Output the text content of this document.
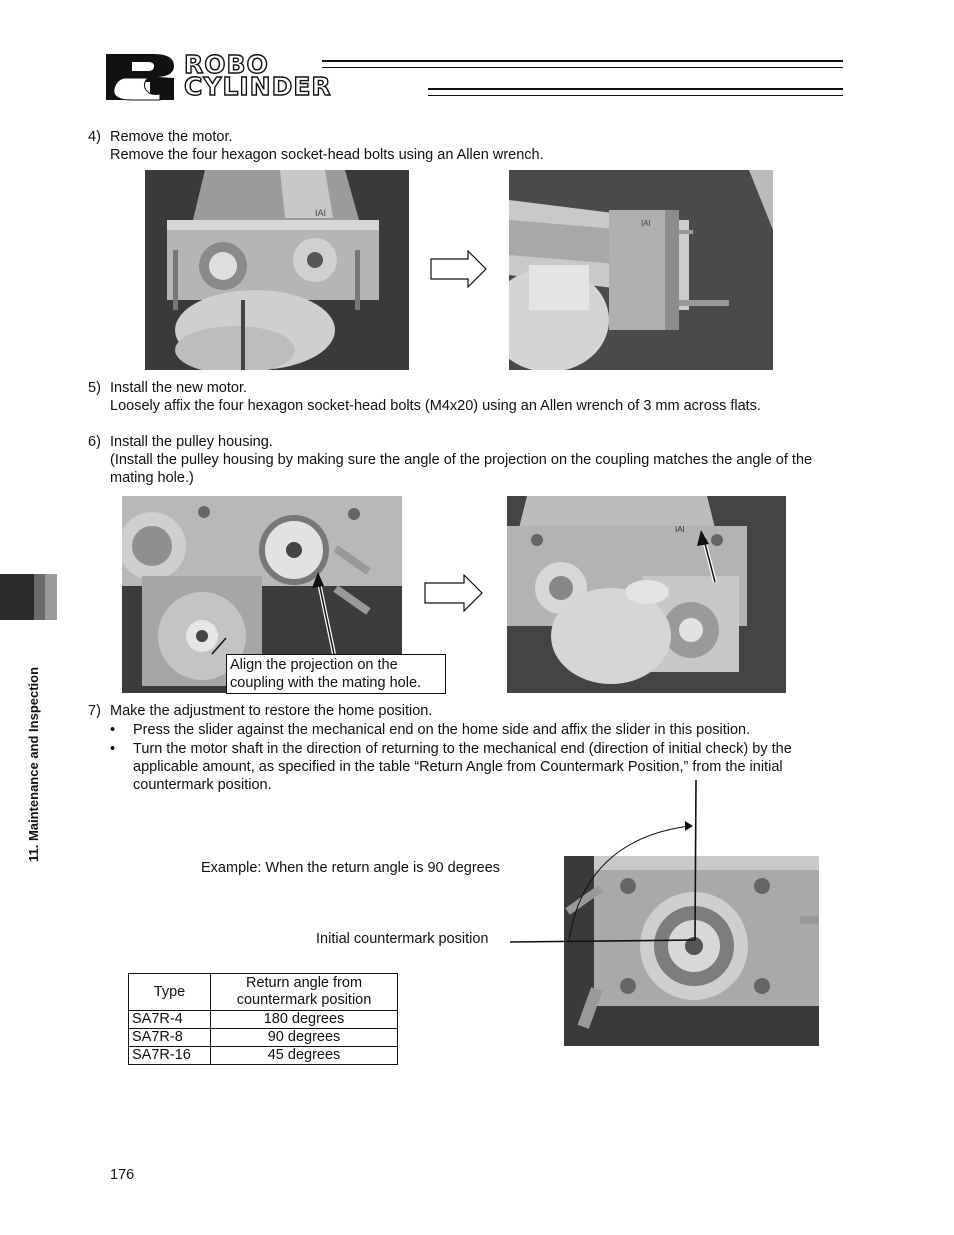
ROBO
CYLINDER
11. Maintenance and Inspection
4) Remove the motor.
Remove the four hexagon socket-head bolts using an Allen wrench.
IAI
IAI
5) Install the new motor.
Loosely affix the four hexagon socket-head bolts (M4x20) using an Allen wrench of 3 mm across flats.
6) Install the pulley housing.
(Install the pulley housing by making sure the angle of the projection on the coupling matches the angle of the
mating hole.)
Align the projection on the
coupling with the mating hole.
IAI
7) Make the adjustment to restore the home position.
• Press the slider against the mechanical end on the home side and affix the slider in this position.
• Turn the motor shaft in the direction of returning to the mechanical end (direction of initial check) by the
applicable amount, as specified in the table “Return Angle from Countermark Position,” from the initial
countermark position.
Example: When the return angle is 90 degrees
Initial countermark position
Type	Return angle from
countermark position

SA7R-4	180 degrees
SA7R-8	90 degrees
SA7R-16	45 degrees
176
